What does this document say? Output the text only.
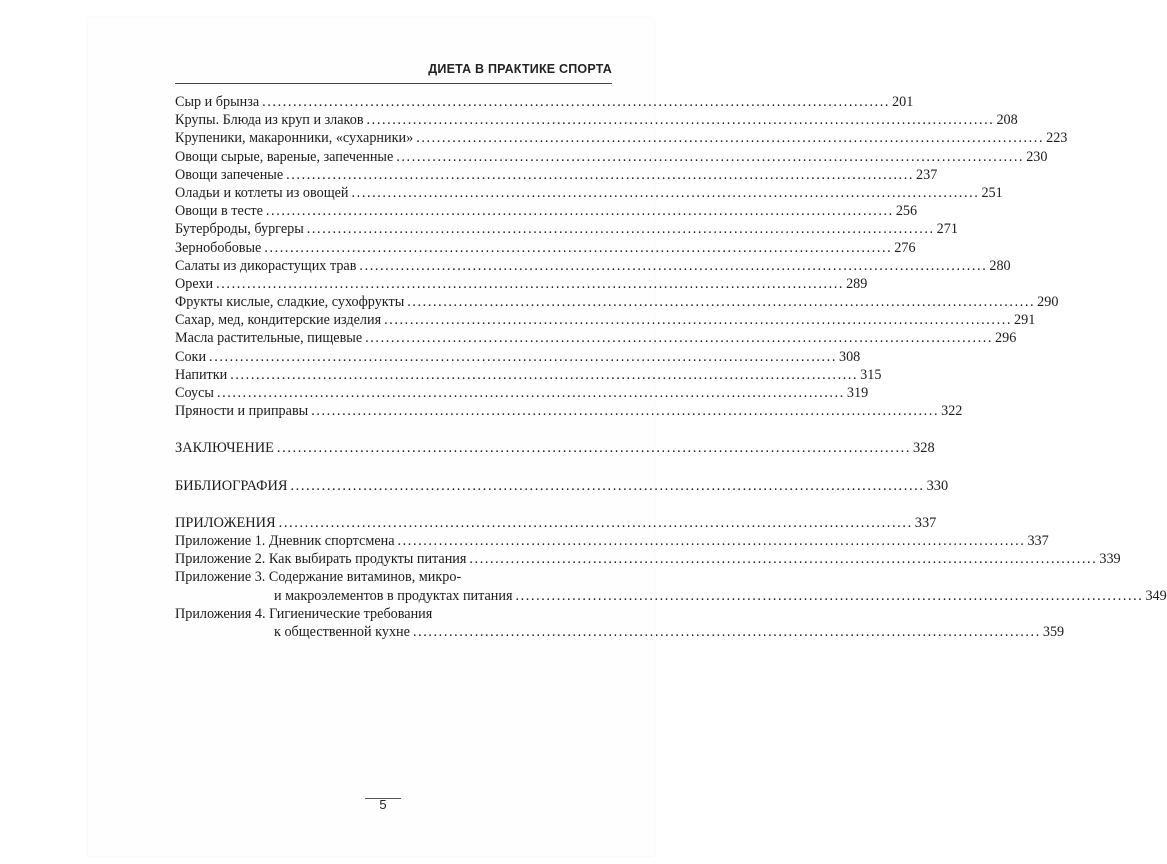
ДИЕТА В ПРАКТИКЕ СПОРТА
Сыр и брынза .......................................................................................................................... 201
Крупы. Блюда из круп и злаков .......................................................................................................................... 208
Крупеники, макаронники, «сухарники» .......................................................................................................................... 223
Овощи сырые, вареные, запеченные .......................................................................................................................... 230
Овощи запеченые .......................................................................................................................... 237
Оладьи и котлеты из овощей .......................................................................................................................... 251
Овощи в тесте .......................................................................................................................... 256
Бутерброды, бургеры .......................................................................................................................... 271
Зернобобовые .......................................................................................................................... 276
Салаты из дикорастущих трав .......................................................................................................................... 280
Орехи .......................................................................................................................... 289
Фрукты кислые, сладкие, сухофрукты .......................................................................................................................... 290
Сахар, мед, кондитерские изделия .......................................................................................................................... 291
Масла растительные, пищевые .......................................................................................................................... 296
Соки .......................................................................................................................... 308
Напитки .......................................................................................................................... 315
Соусы .......................................................................................................................... 319
Пряности и приправы .......................................................................................................................... 322
ЗАКЛЮЧЕНИЕ .......................................................................................................................... 328
БИБЛИОГРАФИЯ .......................................................................................................................... 330
ПРИЛОЖЕНИЯ .......................................................................................................................... 337
Приложение 1. Дневник спортсмена .......................................................................................................................... 337
Приложение 2. Как выбирать продукты питания .......................................................................................................................... 339
Приложение 3. Содержание витаминов, микро-
и макроэлементов в продуктах питания .......................................................................................................................... 349
Приложения 4. Гигиенические требования
к общественной кухне .......................................................................................................................... 359
5
